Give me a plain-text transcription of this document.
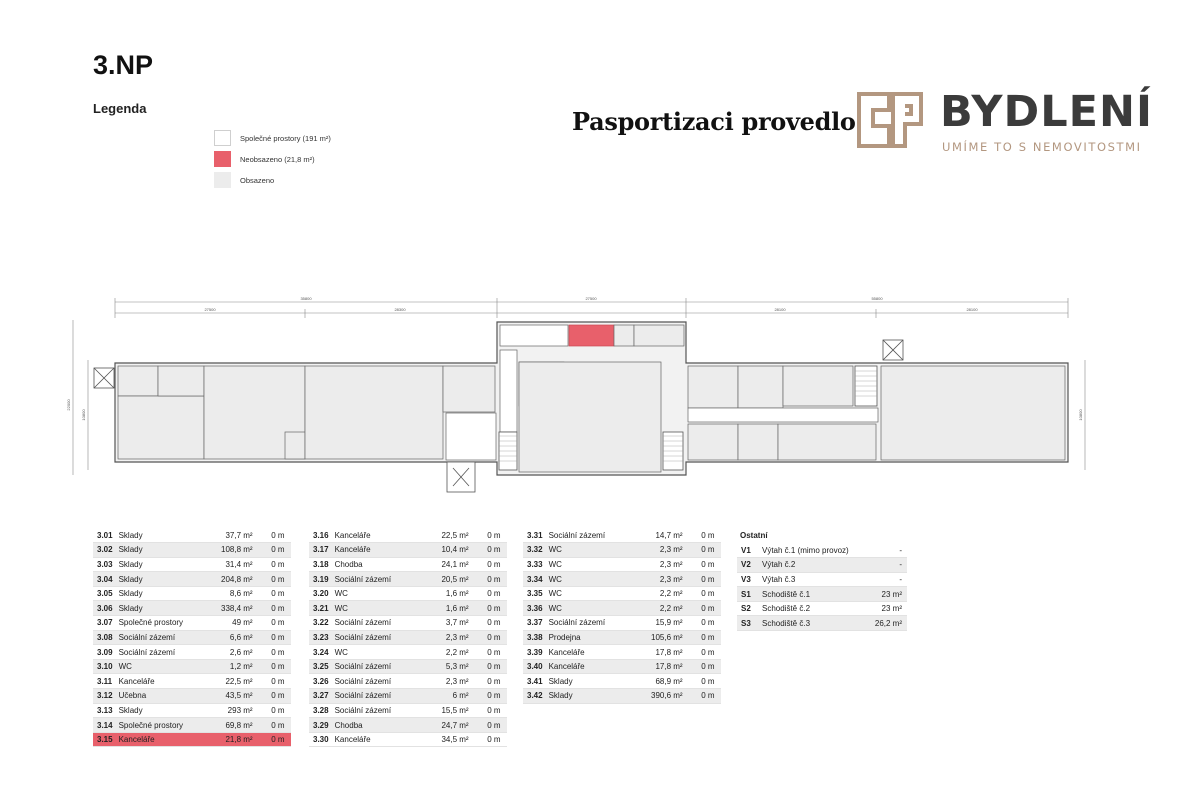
3.NP
Legenda
Společné prostory (191 m²)
Neobsazeno (21,8 m²)
Obsazeno
Pasportizaci provedlo BYDLENÍ
UMÍME TO S NEMOVITOSTMI
35800	27500	55800
27500	28300	28100	28100
22000
10800	10800
3.01	Sklady	37,7 m²	0 m
3.02	Sklady	108,8 m²	0 m
3.03	Sklady	31,4 m²	0 m
3.04	Sklady	204,8 m²	0 m
3.05	Sklady	8,6 m²	0 m
3.06	Sklady	338,4 m²	0 m
3.07	Společné prostory	49 m²	0 m
3.08	Sociální zázemí	6,6 m²	0 m
3.09	Sociální zázemí	2,6 m²	0 m
3.10	WC	1,2 m²	0 m
3.11	Kanceláře	22,5 m²	0 m
3.12	Učebna	43,5 m²	0 m
3.13	Sklady	293 m²	0 m
3.14	Společné prostory	69,8 m²	0 m
3.15	Kanceláře	21,8 m²	0 m
3.16	Kanceláře	22,5 m²	0 m
3.17	Kanceláře	10,4 m²	0 m
3.18	Chodba	24,1 m²	0 m
3.19	Sociální zázemí	20,5 m²	0 m
3.20	WC	1,6 m²	0 m
3.21	WC	1,6 m²	0 m
3.22	Sociální zázemí	3,7 m²	0 m
3.23	Sociální zázemí	2,3 m²	0 m
3.24	WC	2,2 m²	0 m
3.25	Sociální zázemí	5,3 m²	0 m
3.26	Sociální zázemí	2,3 m²	0 m
3.27	Sociální zázemí	6 m²	0 m
3.28	Sociální zázemí	15,5 m²	0 m
3.29	Chodba	24,7 m²	0 m
3.30	Kanceláře	34,5 m²	0 m
3.31	Sociální zázemí	14,7 m²	0 m
3.32	WC	2,3 m²	0 m
3.33	WC	2,3 m²	0 m
3.34	WC	2,3 m²	0 m
3.35	WC	2,2 m²	0 m
3.36	WC	2,2 m²	0 m
3.37	Sociální zázemí	15,9 m²	0 m
3.38	Prodejna	105,6 m²	0 m
3.39	Kanceláře	17,8 m²	0 m
3.40	Kanceláře	17,8 m²	0 m
3.41	Sklady	68,9 m²	0 m
3.42	Sklady	390,6 m²	0 m
Ostatní
V1	Výtah č.1 (mimo provoz)	-
V2	Výtah č.2	-
V3	Výtah č.3	-
S1	Schodiště č.1	23 m²
S2	Schodiště č.2	23 m²
S3	Schodiště č.3	26,2 m²
